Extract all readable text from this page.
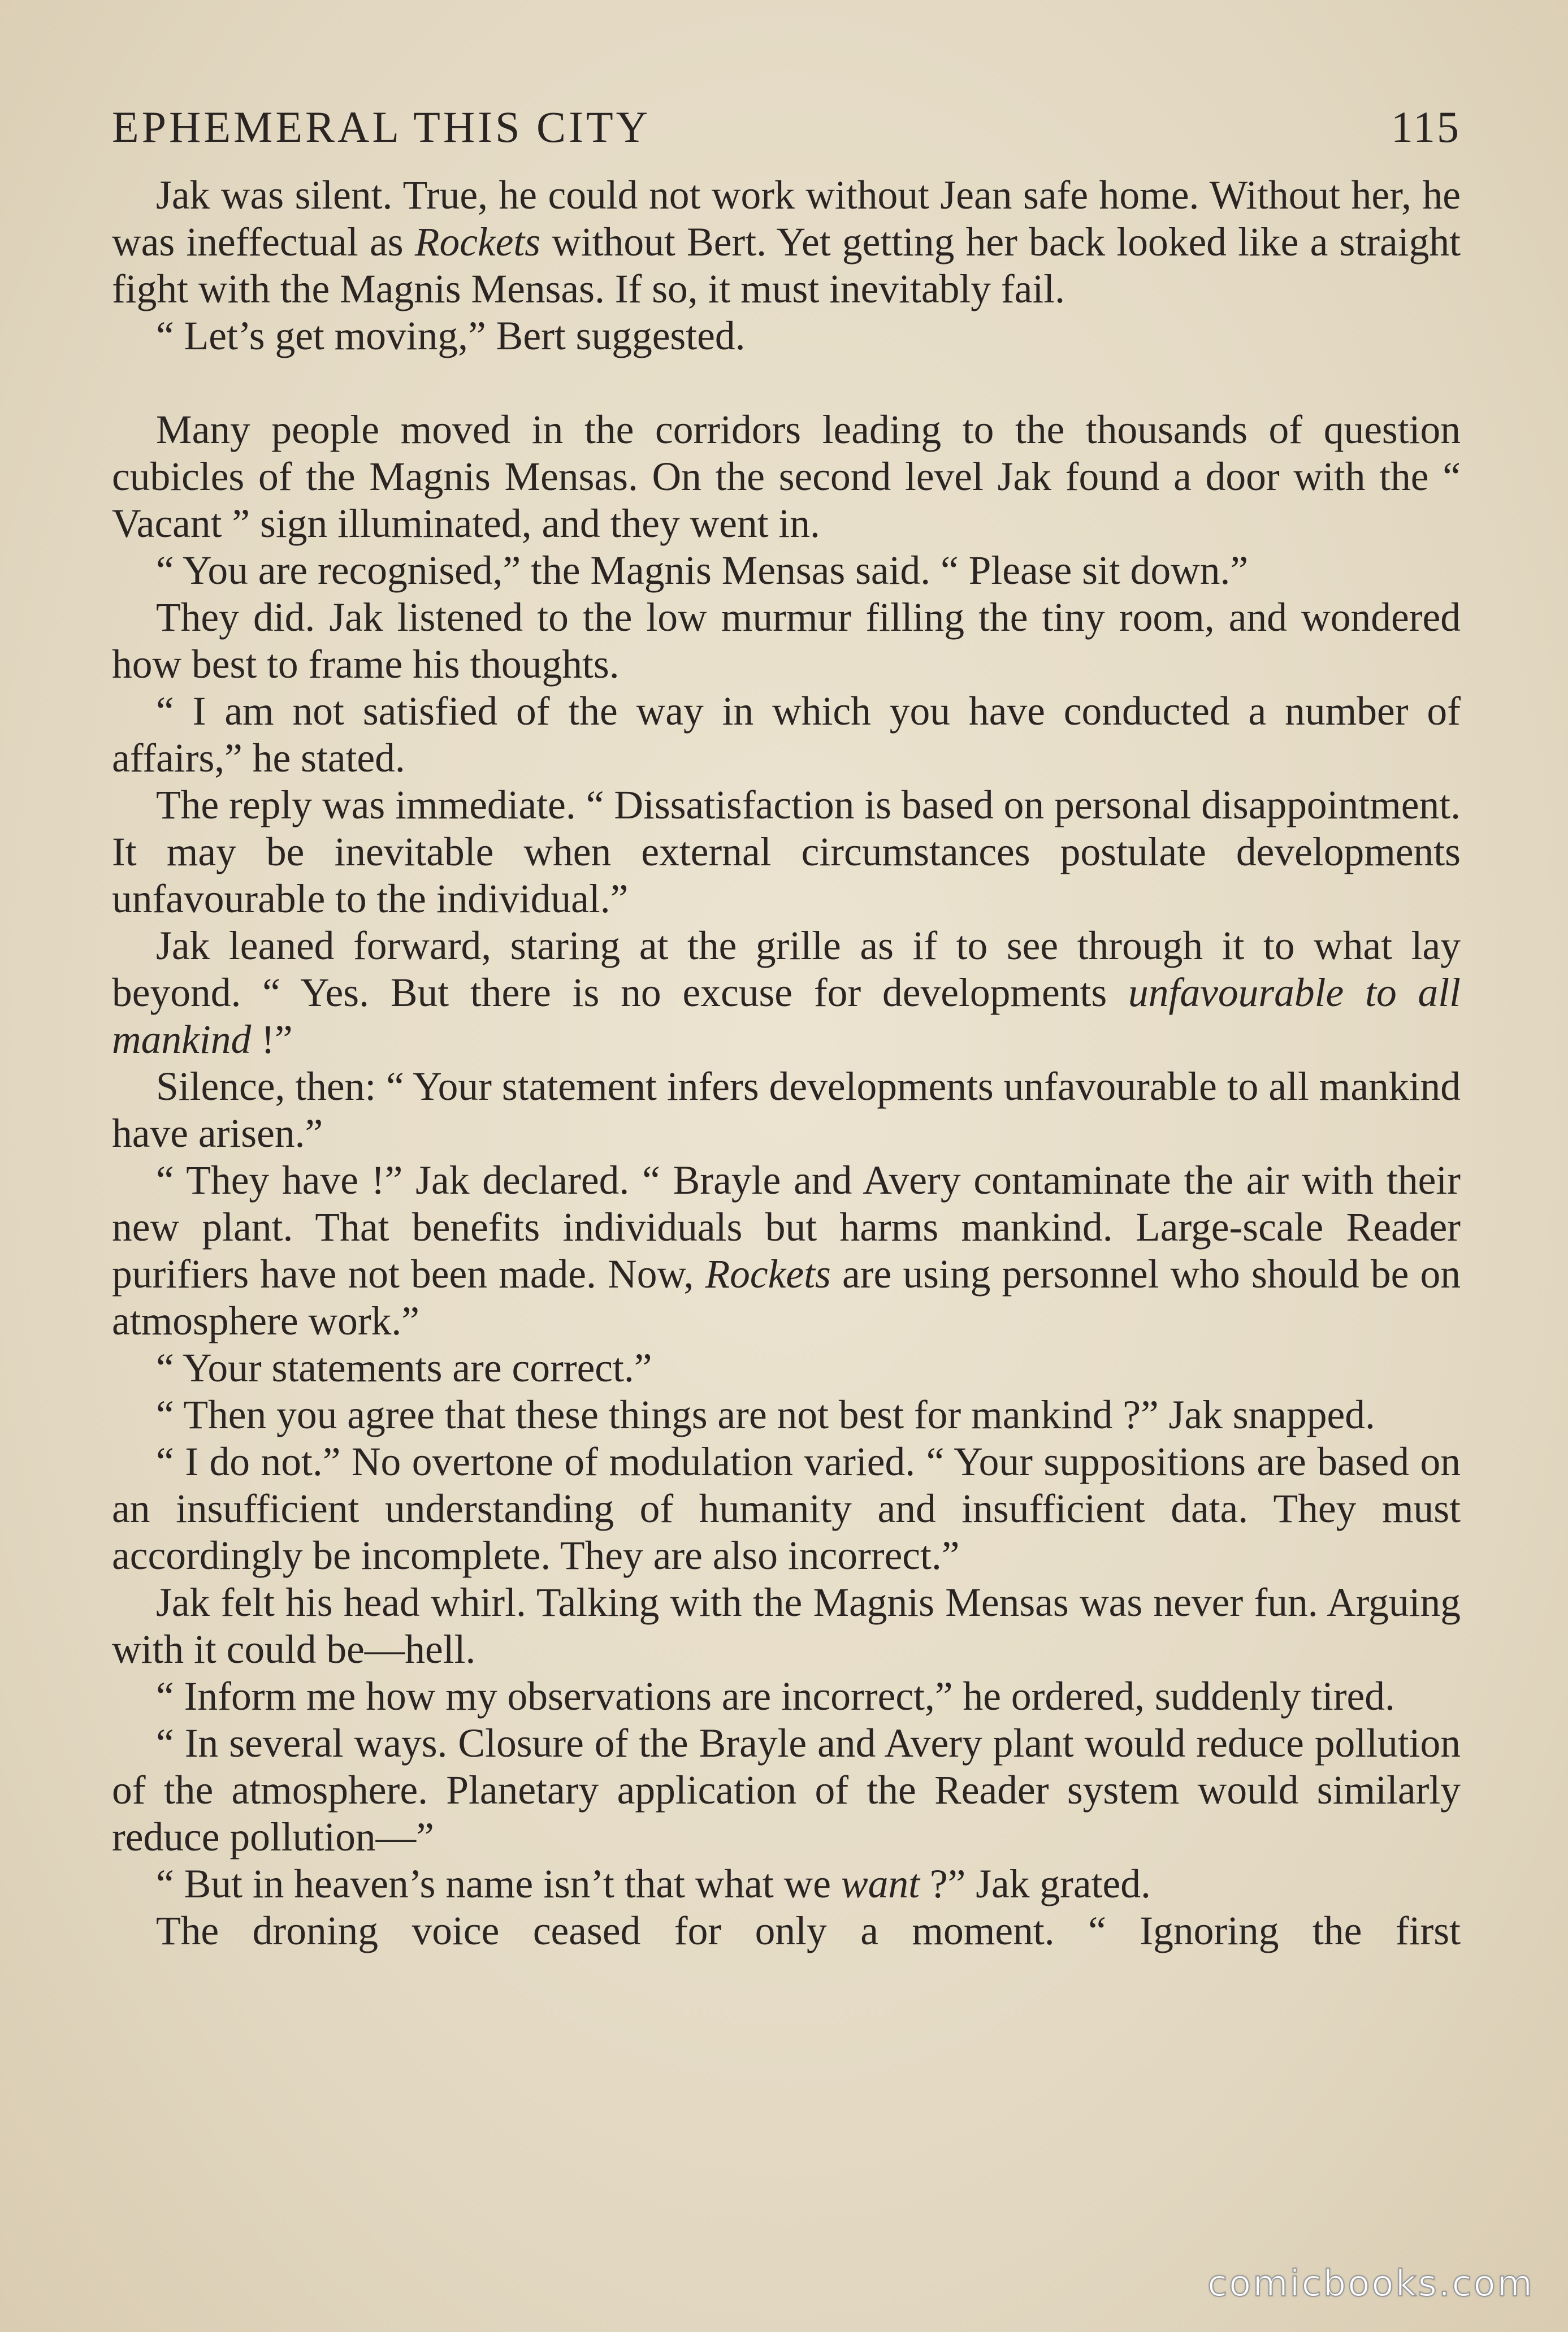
EPHEMERAL THIS CITY	115

Jak was silent. True, he could not work without Jean safe home. Without her, he was ineffectual as Rockets without Bert. Yet getting her back looked like a straight fight with the Magnis Mensas. If so, it must inevitably fail.

“ Let’s get moving,” Bert suggested.

Many people moved in the corridors leading to the thousands of question cubicles of the Magnis Mensas. On the second level Jak found a door with the “ Vacant ” sign illuminated, and they went in.

“ You are recognised,” the Magnis Mensas said. “ Please sit down.”

They did. Jak listened to the low murmur filling the tiny room, and wondered how best to frame his thoughts.

“ I am not satisfied of the way in which you have conducted a number of affairs,” he stated.

The reply was immediate. “ Dissatisfaction is based on personal disappointment. It may be inevitable when external circumstances postulate developments unfavourable to the individual.”

Jak leaned forward, staring at the grille as if to see through it to what lay beyond. “ Yes. But there is no excuse for developments unfavourable to all mankind !”

Silence, then: “ Your statement infers developments unfavourable to all mankind have arisen.”

“ They have !” Jak declared. “ Brayle and Avery contaminate the air with their new plant. That benefits individuals but harms mankind. Large-scale Reader purifiers have not been made. Now, Rockets are using personnel who should be on atmosphere work.”

“ Your statements are correct.”

“ Then you agree that these things are not best for mankind ?” Jak snapped.

“ I do not.” No overtone of modulation varied. “ Your suppositions are based on an insufficient understanding of humanity and insufficient data. They must accordingly be incomplete. They are also incorrect.”

Jak felt his head whirl. Talking with the Magnis Mensas was never fun. Arguing with it could be—hell.

“ Inform me how my observations are incorrect,” he ordered, suddenly tired.

“ In several ways. Closure of the Brayle and Avery plant would reduce pollution of the atmosphere. Planetary application of the Reader system would similarly reduce pollution—”

“ But in heaven’s name isn’t that what we want ?” Jak grated.

The droning voice ceased for only a moment. “ Ignoring the first

comicbooks.com
